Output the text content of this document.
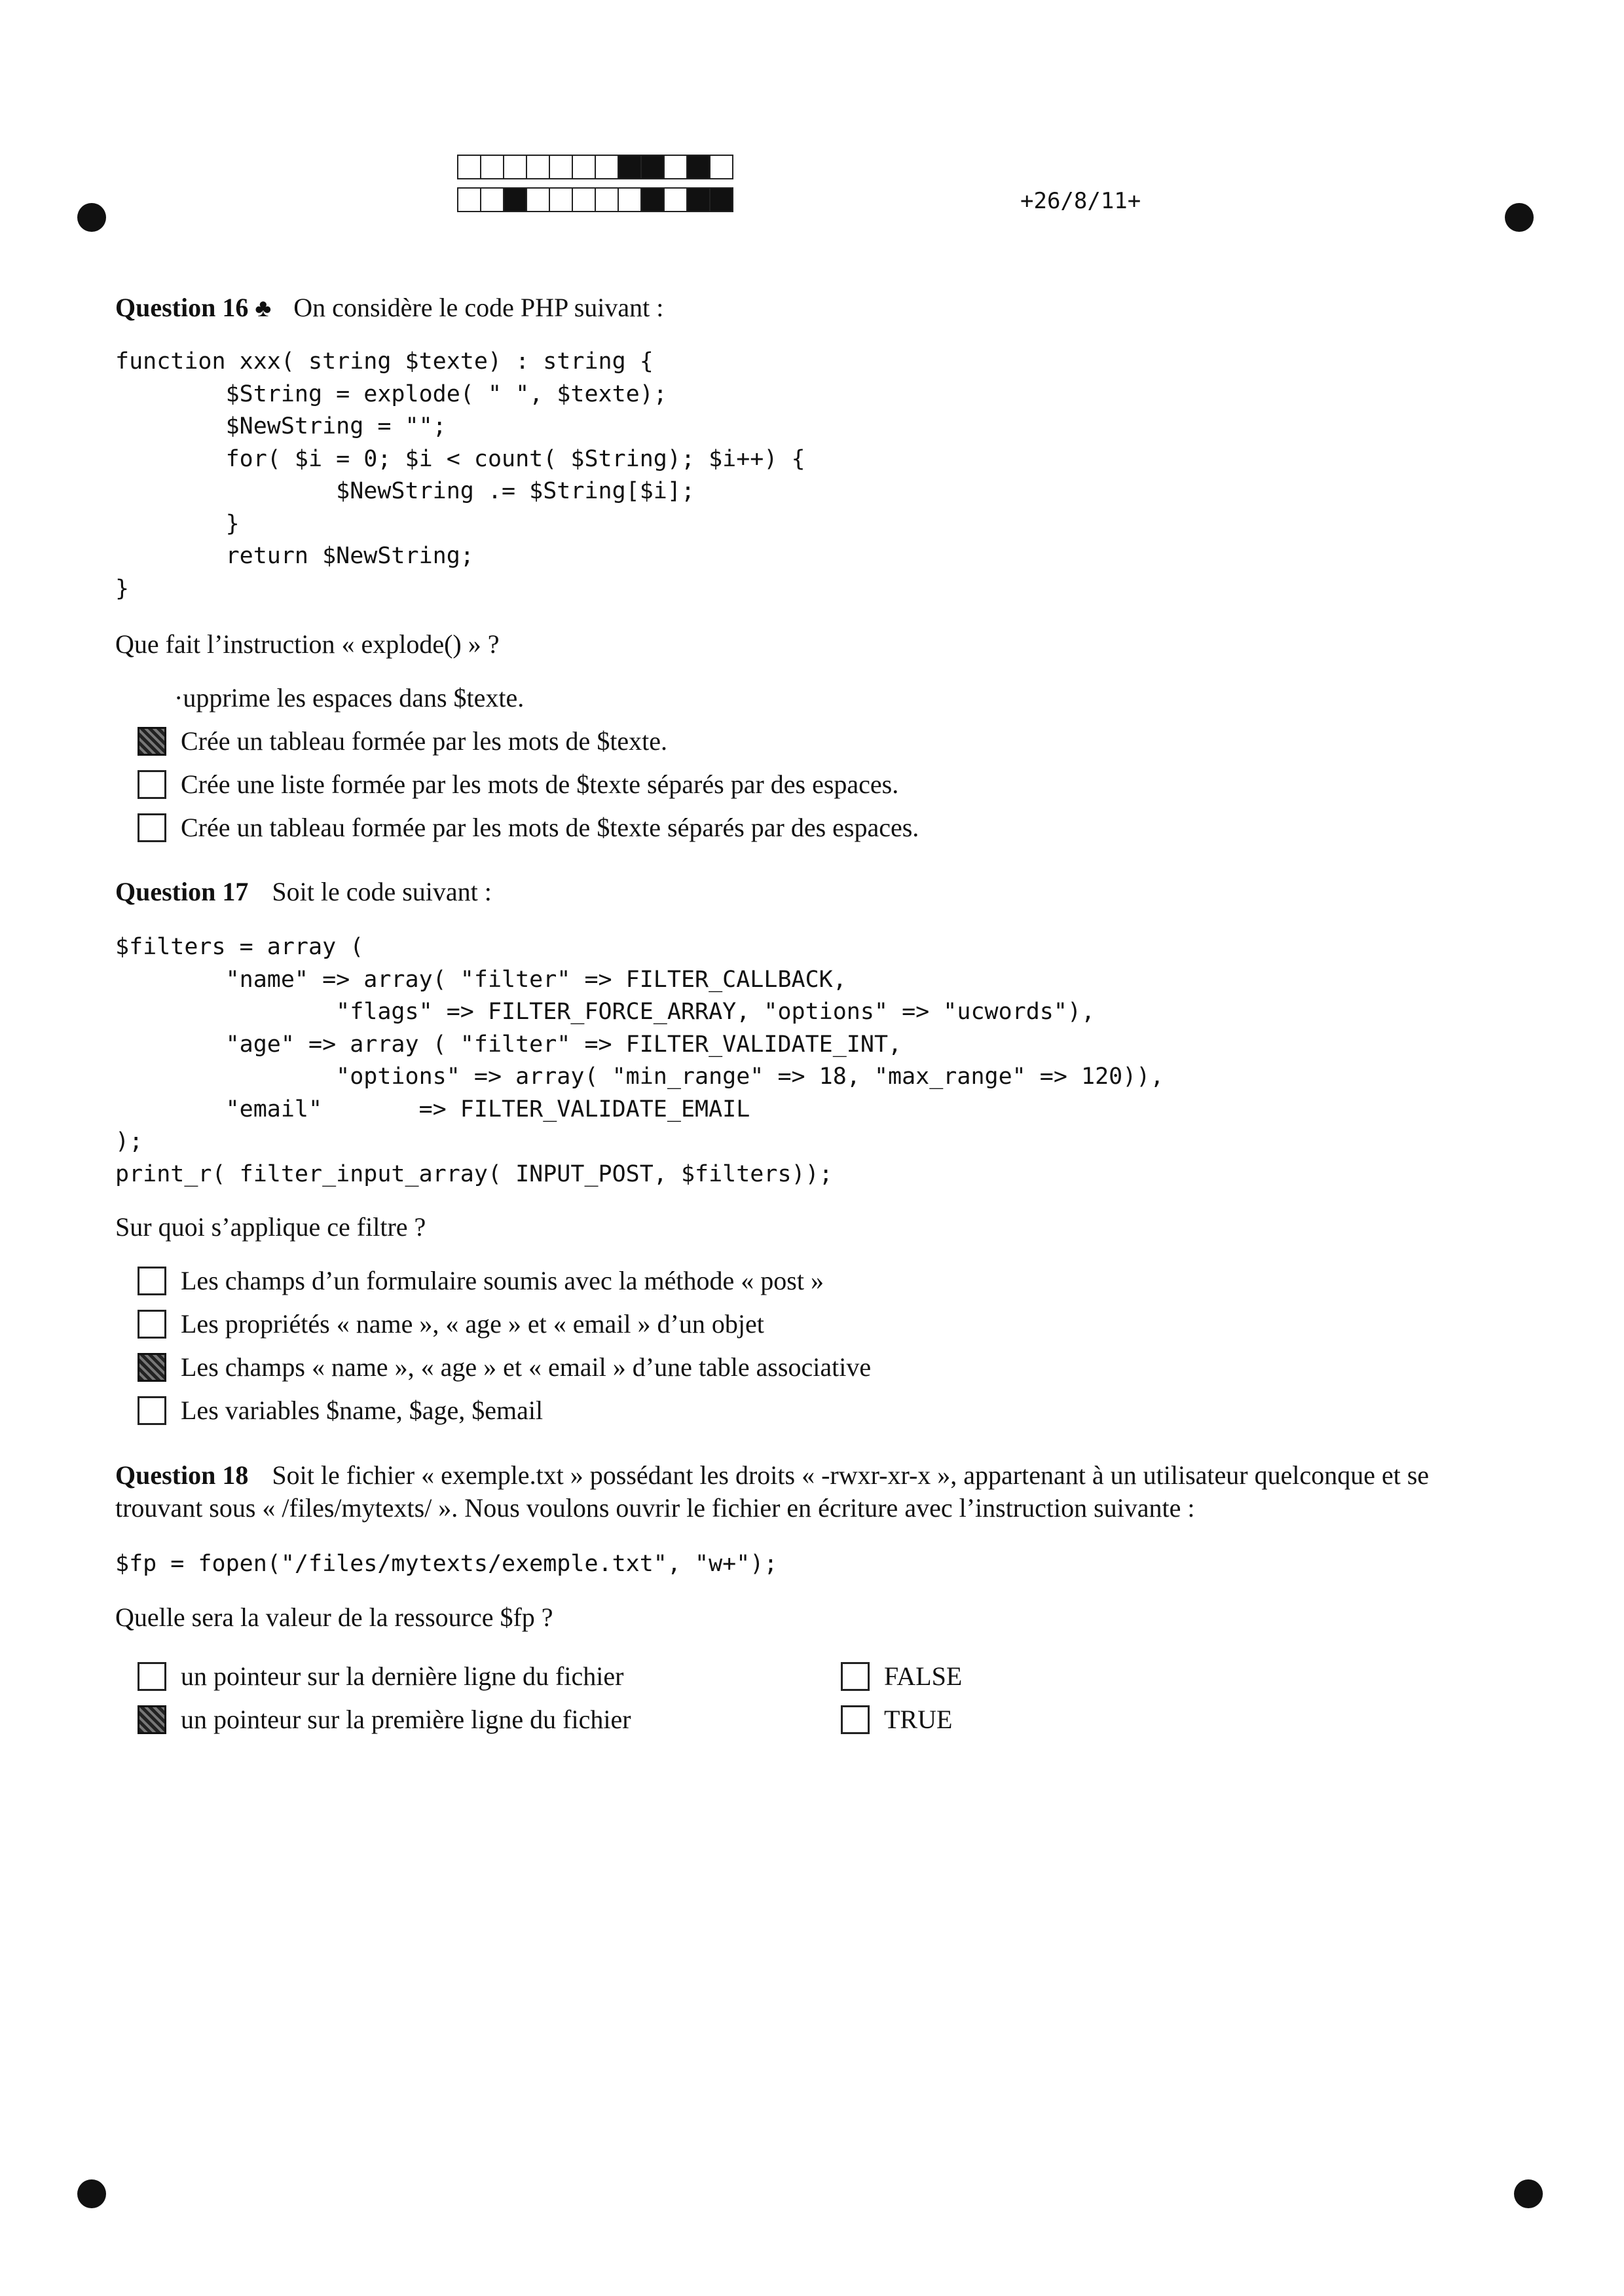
+26/8/11+
Question 16 ♣ On considère le code PHP suivant :
function xxx( string $texte) : string {
$String = explode( " ", $texte);
$NewString = "";
for( $i = 0; $i < count( $String); $i++) {
$NewString .= $String[$i];
}
return $NewString;
}
Que fait l’instruction « explode() » ?
·upprime les espaces dans $texte.
Crée un tableau formée par les mots de $texte.
Crée une liste formée par les mots de $texte séparés par des espaces.
Crée un tableau formée par les mots de $texte séparés par des espaces.
Question 17 Soit le code suivant :
$filters = array (
"name" => array( "filter" => FILTER_CALLBACK,
"flags" => FILTER_FORCE_ARRAY, "options" => "ucwords"),
"age" => array ( "filter" => FILTER_VALIDATE_INT,
"options" => array( "min_range" => 18, "max_range" => 120)),
"email"       => FILTER_VALIDATE_EMAIL
);
print_r( filter_input_array( INPUT_POST, $filters));
Sur quoi s’applique ce filtre ?
Les champs d’un formulaire soumis avec la méthode « post »
Les propriétés « name », « age » et « email » d’un objet
Les champs « name », « age » et « email » d’une table associative
Les variables $name, $age, $email
Question 18 Soit le fichier « exemple.txt » possédant les droits « -rwxr-xr-x », appartenant à un utilisateur quelconque et se trouvant sous « /files/mytexts/ ». Nous voulons ouvrir le fichier en écriture avec l’instruction suivante :
$fp = fopen("/files/mytexts/exemple.txt", "w+");
Quelle sera la valeur de la ressource $fp ?
un pointeur sur la dernière ligne du fichier
un pointeur sur la première ligne du fichier
FALSE
TRUE
